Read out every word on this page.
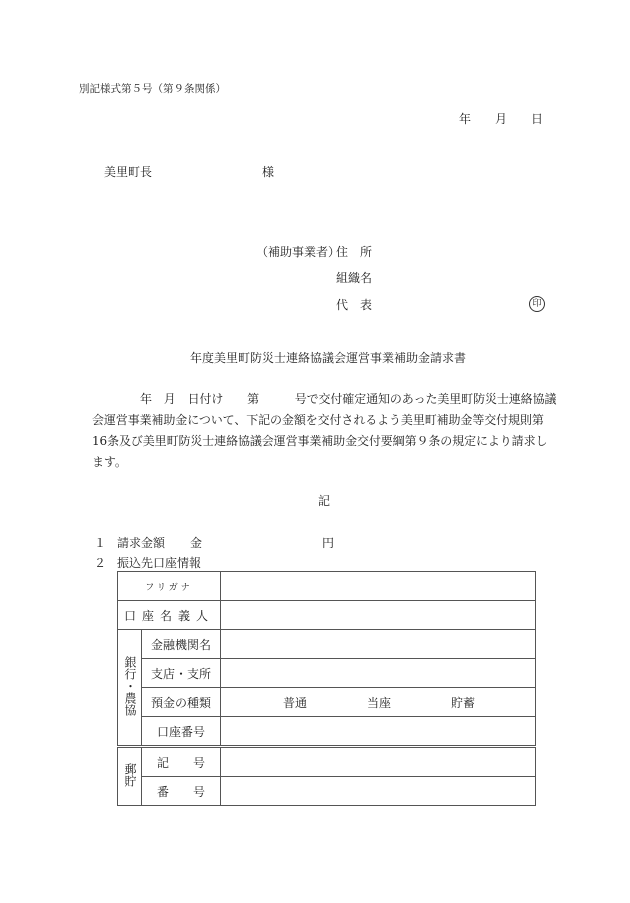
別記様式第５号（第９条関係）
年　　月　　日
美里町長	様
（補助事業者）
住　所
組織名
代　表	印
年度美里町防災士連絡協議会運営事業補助金請求書
年　月　日付け　　第　　　号で交付確定通知のあった美里町防災士連絡協議会運営事業補助金について、下記の金額を交付されるよう美里町補助金等交付規則第16条及び美里町防災士連絡協議会運営事業補助金交付要綱第９条の規定により請求します。
記
１ 請求金額 金	円
２ 振込先口座情報
フリガナ		
口座名義人		
銀行・農協	金融機関名	
	支店・支所	
	預金の種類	普通 当座 貯蓄

	口座番号	
郵貯	記　　号	
	番　　号	
